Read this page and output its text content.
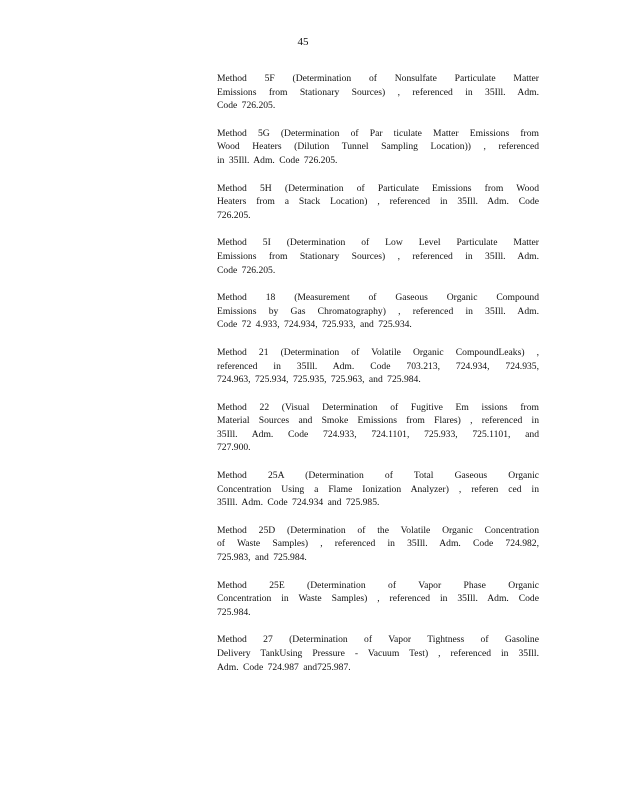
45

Method 5F (Determination of Nonsulfate Particulate Matter
Emissions from Stationary Sources) , referenced in 35Ill. Adm.
Code 726.205.

Method 5G (Determination of Par ticulate Matter Emissions from
Wood Heaters (Dilution Tunnel Sampling Location)) , referenced
in 35Ill. Adm. Code 726.205.

Method 5H (Determination of Particulate Emissions from Wood
Heaters from a Stack Location) , referenced in 35Ill. Adm. Code
726.205.

Method 5I (Determination of Low Level Particulate Matter
Emissions from Stationary Sources) , referenced in 35Ill. Adm.
Code 726.205.

Method 18 (Measurement of Gaseous Organic Compound
Emissions by Gas Chromatography) , referenced in 35Ill. Adm.
Code 72 4.933, 724.934, 725.933, and 725.934.

Method 21 (Determination of Volatile Organic CompoundLeaks) ,
referenced in 35Ill. Adm. Code 703.213, 724.934, 724.935,
724.963, 725.934, 725.935, 725.963, and 725.984.

Method 22 (Visual Determination of Fugitive Em issions from
Material Sources and Smoke Emissions from Flares) , referenced in
35Ill. Adm. Code 724.933, 724.1101, 725.933, 725.1101, and
727.900.

Method 25A (Determination of Total Gaseous Organic
Concentration Using a Flame Ionization Analyzer) , referen ced in
35Ill. Adm. Code 724.934 and 725.985.

Method 25D (Determination of the Volatile Organic Concentration
of Waste Samples) , referenced in 35Ill. Adm. Code 724.982,
725.983, and 725.984.

Method 25E (Determination of Vapor Phase Organic
Concentration in Waste Samples) , referenced in 35Ill. Adm. Code
725.984.

Method 27 (Determination of Vapor Tightness of Gasoline
Delivery TankUsing Pressure - Vacuum Test) , referenced in 35Ill.
Adm. Code 724.987 and725.987.
